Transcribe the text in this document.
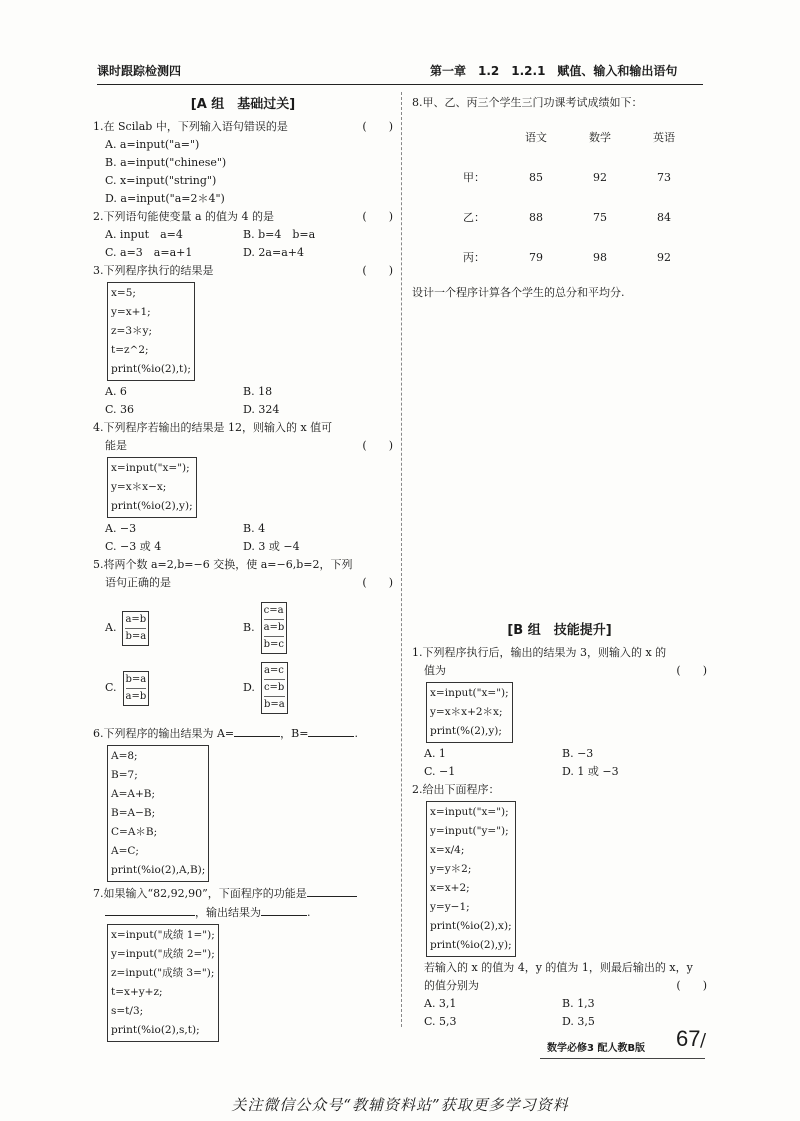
课时跟踪检测四	第一章　1.2　1.2.1　赋值、输入和输出语句
[A 组　基础过关]
1.在 Scilab 中，下列输入语句错误的是	(　　)
A. a=input("a=")
B. a=input("chinese")
C. x=input("string")
D. a=input("a=2＊4")
2.下列语句能使变量 a 的值为 4 的是	(　　)
A. input　a=4	B. b=4　b=a
C. a=3　a=a+1	D. 2a=a+4
3.下列程序执行的结果是	(　　)
x=5;
y=x+1;
z=3＊y;
t=z^2;
print(%io(2),t);
A. 6	B. 18
C. 36	D. 324
4.下列程序若输出的结果是 12，则输入的 x 值可
能是	(　　)
x=input("x=");
y=x＊x−x;
print(%io(2),y);
A. −3	B. 4
C. −3 或 4	D. 3 或 −4
5.将两个数 a=2,b=−6 交换，使 a=−6,b=2，下列
语句正确的是	(　　)
A.
a=b
b=a
B.
c=a
a=b
b=c
C.
b=a
a=b
D.
a=c
c=b
b=a
6.下列程序的输出结果为 A=	，B=	.
A=8;
B=7;
A=A+B;
B=A−B;
C=A＊B;
A=C;
print(%io(2),A,B);
7.如果输入“82,92,90”，下面程序的功能是
，输出结果为	.
x=input("成绩 1=");
y=input("成绩 2=");
z=input("成绩 3=");
t=x+y+z;
s=t/3;
print(%io(2),s,t);
8.甲、乙、丙三个学生三门功课考试成绩如下：
	语文	数学	英语
甲：	85	92	73
乙：	88	75	84
丙：	79	98	92
设计一个程序计算各个学生的总分和平均分.
[B 组　技能提升]
1.下列程序执行后，输出的结果为 3，则输入的 x 的
值为	(　　)
x=input("x=");
y=x＊x+2＊x;
print(%(2),y);
A. 1	B. −3
C. −1	D. 1 或 −3
2.给出下面程序：
x=input("x=");
y=input("y=");
x=x/4;
y=y＊2;
x=x+2;
y=y−1;
print(%io(2),x);
print(%io(2),y);
若输入的 x 的值为 4，y 的值为 1，则最后输出的 x，y
的值分别为	(　　)
A. 3,1	B. 1,3
C. 5,3	D. 3,5
数学必修3 配人教B版 67 /
关注微信公众号“教辅资料站”获取更多学习资料
